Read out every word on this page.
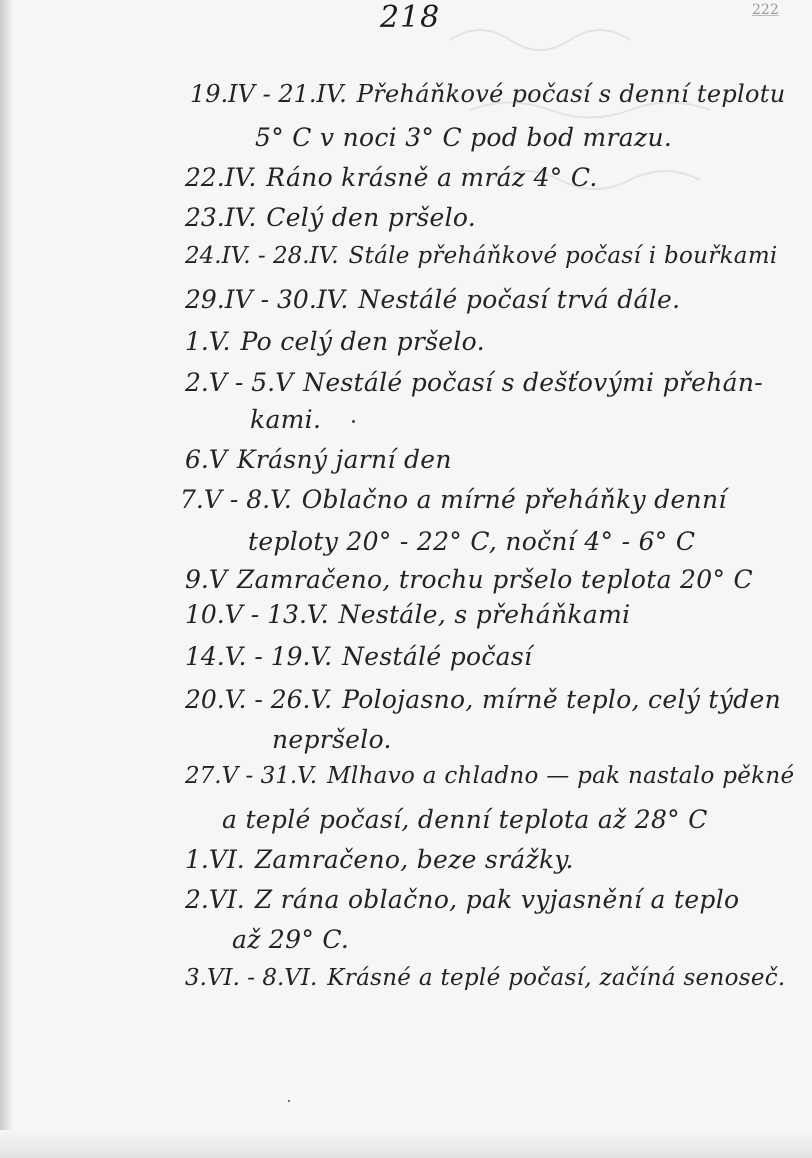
218	222
19.IV - 21.IV. Přeháňkové počasí s denní teplotu
5° C v noci 3° C pod bod mrazu.
22.IV. Ráno krásně a mráz 4° C.
23.IV. Celý den pršelo.
24.IV. - 28.IV. Stále přeháňkové počasí i bouřkami
29.IV - 30.IV. Nestálé počasí trvá dále.
1.V. Po celý den pršelo.
2.V - 5.V Nestálé počasí s dešťovými přehán-
kami.
6.V Krásný jarní den
7.V - 8.V. Oblačno a mírné přeháňky denní
teploty 20° - 22° C, noční 4° - 6° C
9.V Zamračeno, trochu pršelo teplota 20° C
10.V - 13.V. Nestále, s přeháňkami
14.V. - 19.V. Nestálé počasí
20.V. - 26.V. Polojasno, mírně teplo, celý týden
nepršelo.
27.V - 31.V. Mlhavo a chladno — pak nastalo pěkné
a teplé počasí, denní teplota až 28° C
1.VI. Zamračeno, beze srážky.
2.VI. Z rána oblačno, pak vyjasnění a teplo
až 29° C.
3.VI. - 8.VI. Krásné a teplé počasí, začíná senoseč.
